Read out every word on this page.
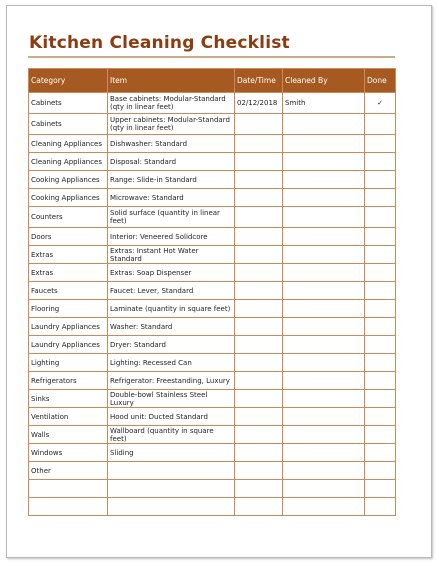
Kitchen Cleaning Checklist
Category	Item	Date/Time	Cleaned By	Done
Cabinets	Base cabinets: Modular-Standard (qty in linear feet)	02/12/2018	Smith	✓
Cabinets	Upper cabinets: Modular-Standard (qty in linear feet)			
Cleaning Appliances	Dishwasher: Standard			
Cleaning Appliances	Disposal: Standard			
Cooking Appliances	Range: Slide-in Standard			
Cooking Appliances	Microwave: Standard			
Counters	Solid surface (quantity in linear feet)			
Doors	Interior: Veneered Solidcore			
Extras	Extras: Instant Hot Water Standard			
Extras	Extras: Soap Dispenser			
Faucets	Faucet: Lever, Standard			
Flooring	Laminate (quantity in square feet)			
Laundry Appliances	Washer: Standard			
Laundry Appliances	Dryer: Standard			
Lighting	Lighting: Recessed Can			
Refrigerators	Refrigerator: Freestanding, Luxury			
Sinks	Double-bowl Stainless Steel Luxury			
Ventilation	Hood unit: Ducted Standard			
Walls	Wallboard (quantity in square feet)			
Windows	Sliding			
Other				
